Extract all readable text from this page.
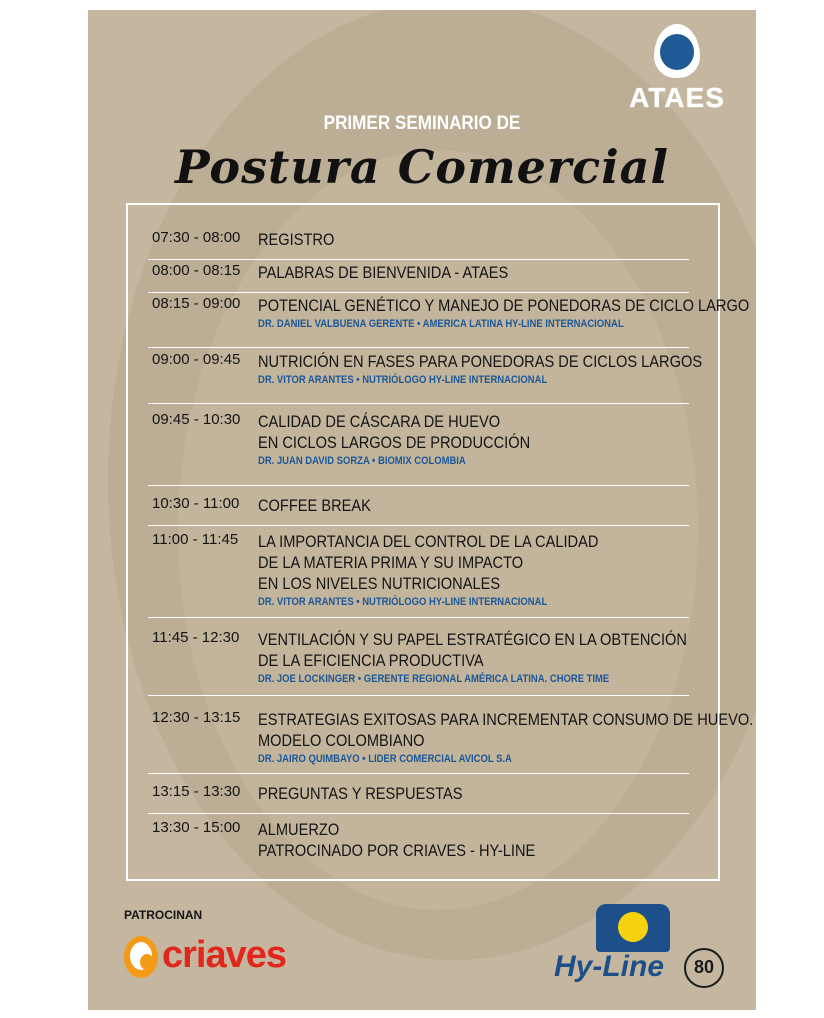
ATAES
PRIMER SEMINARIO DE
Postura Comercial
07:30 - 08:00 REGISTRO
08:00 - 08:15 PALABRAS DE BIENVENIDA - ATAES
08:15 - 09:00 POTENCIAL GENÉTICO Y MANEJO DE PONEDORAS DE CICLO LARGO
DR. DANIEL VALBUENA GERENTE • AMERICA LATINA HY-LINE INTERNACIONAL
09:00 - 09:45 NUTRICIÓN EN FASES PARA PONEDORAS DE CICLOS LARGOS
DR. VITOR ARANTES • NUTRIÓLOGO HY-LINE INTERNACIONAL
09:45 - 10:30 CALIDAD DE CÁSCARA DE HUEVO
EN CICLOS LARGOS DE PRODUCCIÓN
DR. JUAN DAVID SORZA • BIOMIX COLOMBIA
10:30 - 11:00 COFFEE BREAK
11:00 - 11:45 LA IMPORTANCIA DEL CONTROL DE LA CALIDAD
DE LA MATERIA PRIMA Y SU IMPACTO
EN LOS NIVELES NUTRICIONALES
DR. VITOR ARANTES • NUTRIÓLOGO HY-LINE INTERNACIONAL
11:45 - 12:30 VENTILACIÓN Y SU PAPEL ESTRATÉGICO EN LA OBTENCIÓN
DE LA EFICIENCIA PRODUCTIVA
DR. JOE LOCKINGER • GERENTE REGIONAL AMÉRICA LATINA. CHORE TIME
12:30 - 13:15 ESTRATEGIAS EXITOSAS PARA INCREMENTAR CONSUMO DE HUEVO.
MODELO COLOMBIANO
DR. JAIRO QUIMBAYO • LIDER COMERCIAL AVICOL S.A
13:15 - 13:30 PREGUNTAS Y RESPUESTAS
13:30 - 15:00 ALMUERZO
PATROCINADO POR CRIAVES - HY-LINE
PATROCINAN
criaves	Hy-Line	80
